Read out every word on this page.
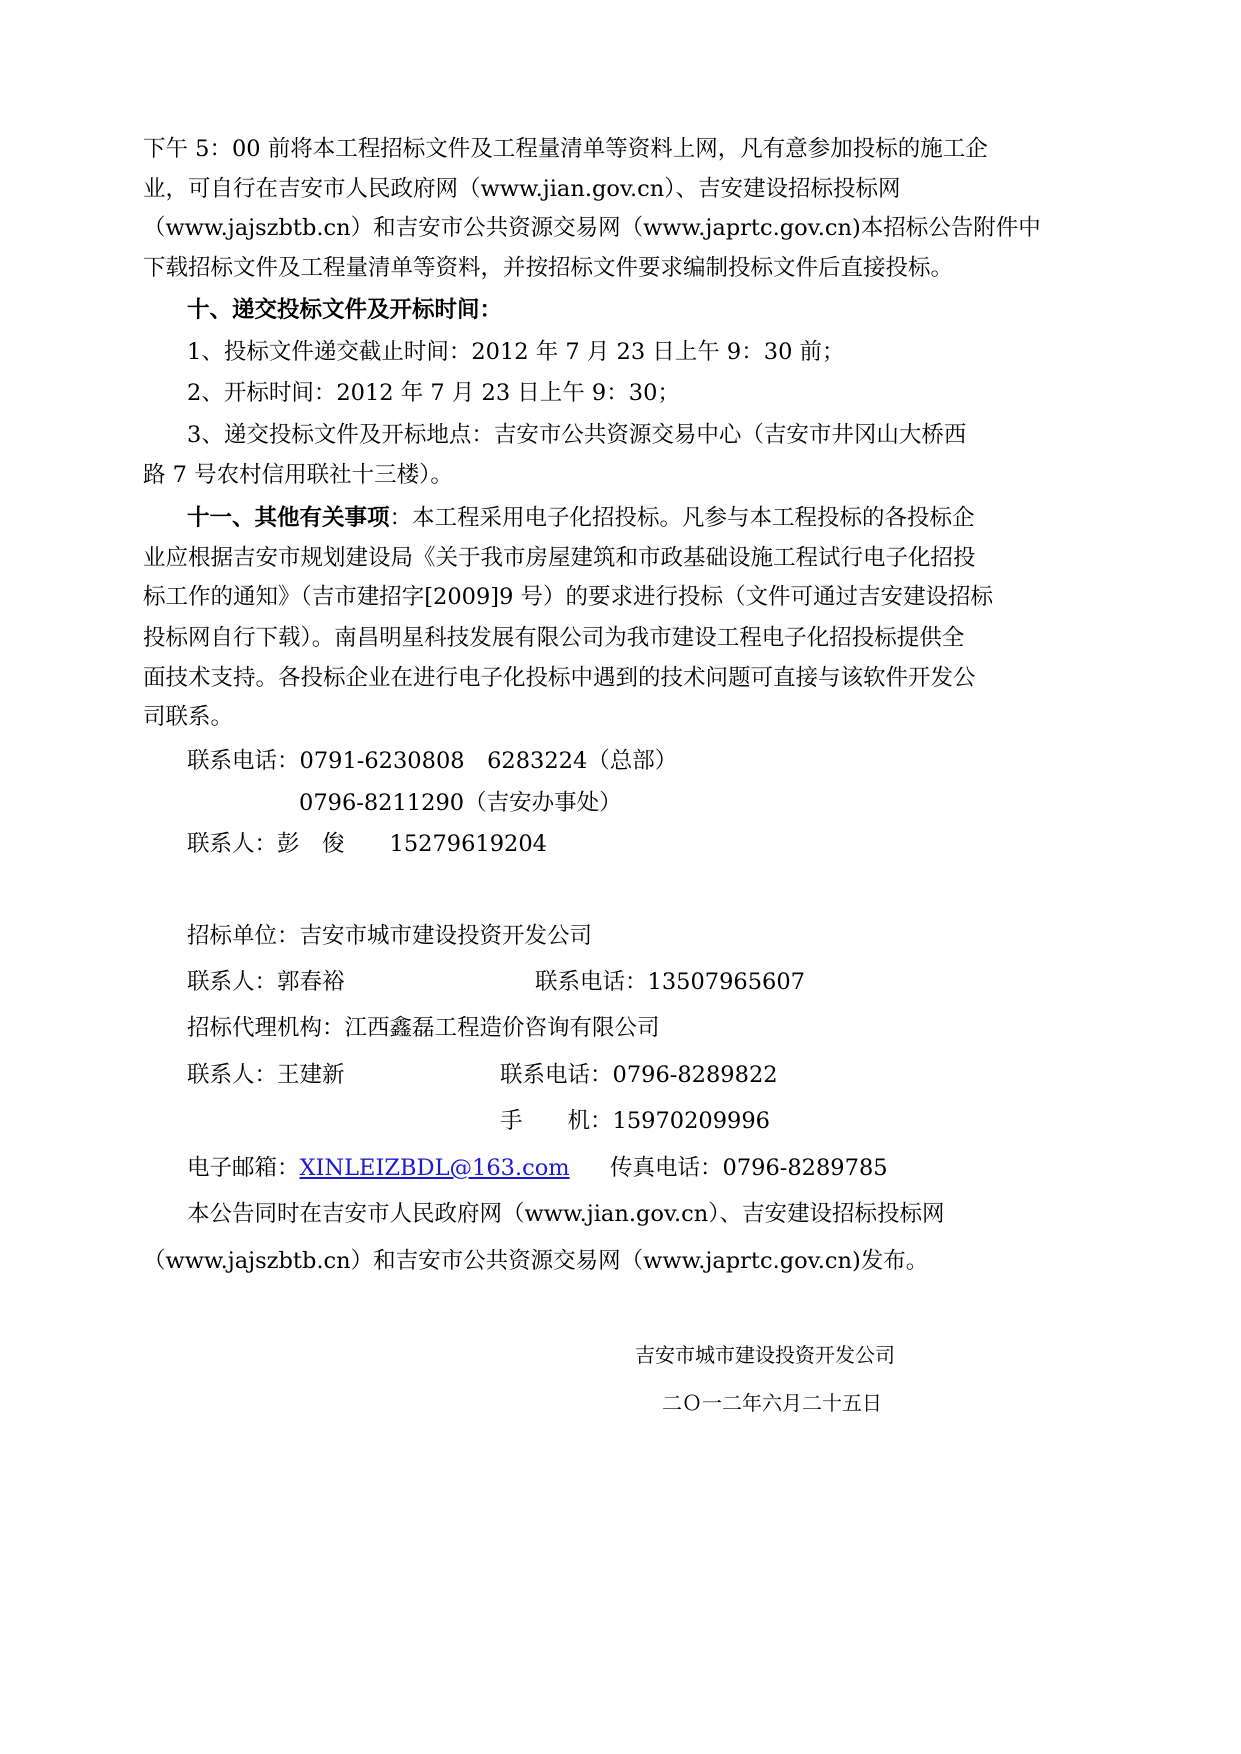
下午 5：00 前将本工程招标文件及工程量清单等资料上网，凡有意参加投标的施工企
业，可自行在吉安市人民政府网（www.jian.gov.cn）、吉安建设招标投标网
（www.jajszbtb.cn）和吉安市公共资源交易网（www.japrtc.gov.cn)本招标公告附件中
下载招标文件及工程量清单等资料，并按招标文件要求编制投标文件后直接投标。
十、递交投标文件及开标时间：
1、投标文件递交截止时间：2012 年 7 月 23 日上午 9：30 前；
2、开标时间：2012 年 7 月 23 日上午 9：30；
3、递交投标文件及开标地点：吉安市公共资源交易中心（吉安市井冈山大桥西
路 7 号农村信用联社十三楼）。
十一、其他有关事项：本工程采用电子化招投标。凡参与本工程投标的各投标企
业应根据吉安市规划建设局《关于我市房屋建筑和市政基础设施工程试行电子化招投
标工作的通知》（吉市建招字[2009]9 号）的要求进行投标（文件可通过吉安建设招标
投标网自行下载）。南昌明星科技发展有限公司为我市建设工程电子化招投标提供全
面技术支持。各投标企业在进行电子化投标中遇到的技术问题可直接与该软件开发公
司联系。
联系电话：0791-6230808　6283224（总部）
0796-8211290（吉安办事处）
联系人：彭　俊　　15279619204
招标单位：吉安市城市建设投资开发公司
联系人：郭春裕	联系电话：13507965607
招标代理机构：江西鑫磊工程造价咨询有限公司
联系人：王建新	联系电话：0796-8289822
手　　机：15970209996
电子邮箱：XINLEIZBDL@163.com 传真电话：0796-8289785
本公告同时在吉安市人民政府网（www.jian.gov.cn）、吉安建设招标投标网
（www.jajszbtb.cn）和吉安市公共资源交易网（www.japrtc.gov.cn)发布。
吉安市城市建设投资开发公司
二Ｏ一二年六月二十五日
